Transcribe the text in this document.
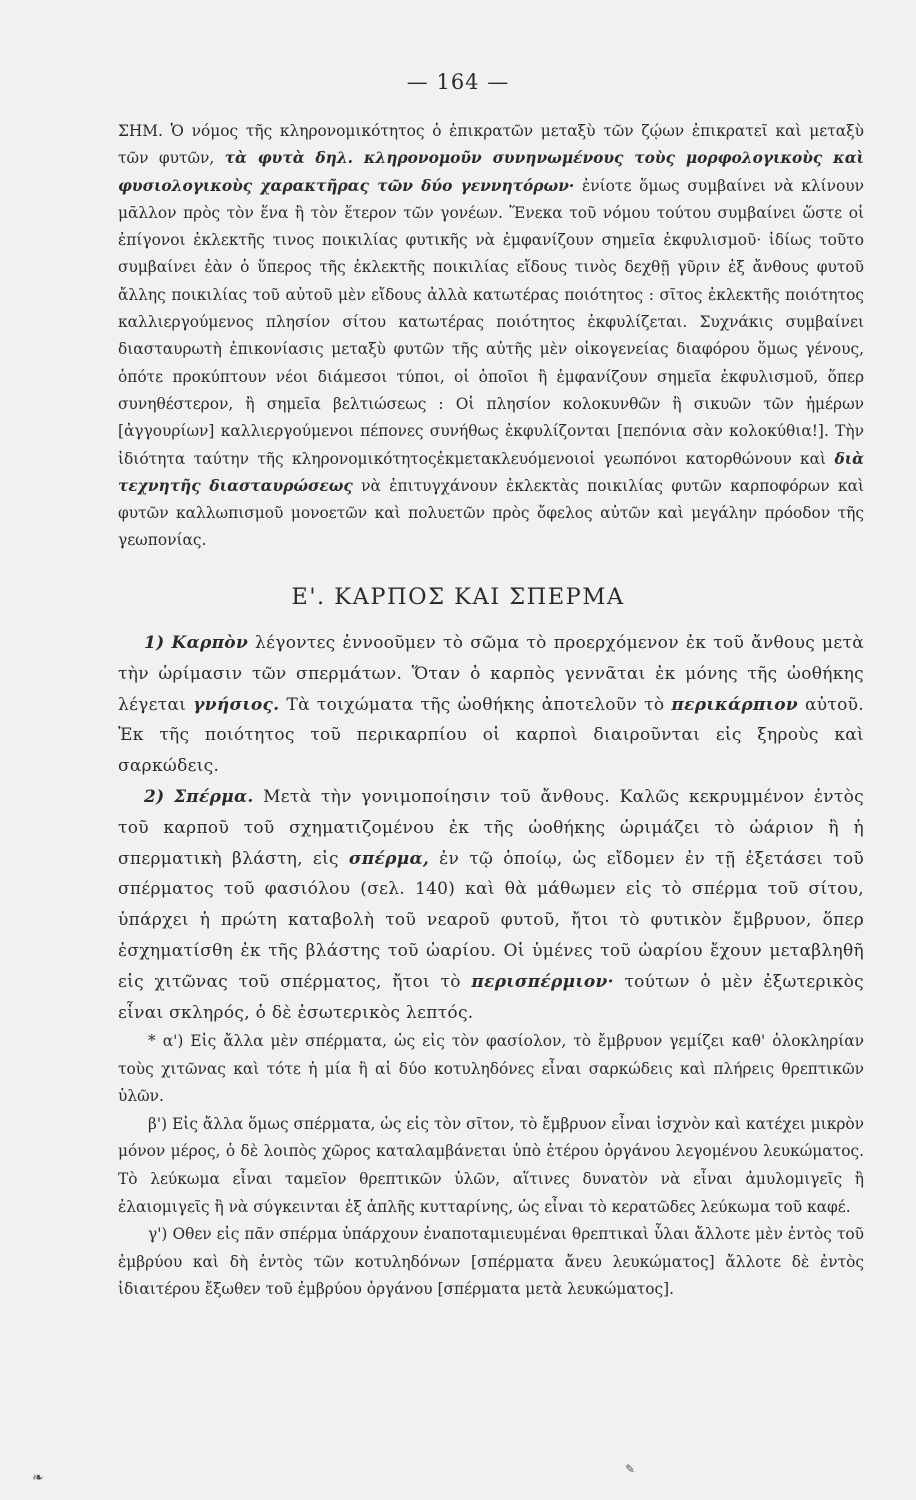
— 164 —

ΣΗΜ. Ὁ νόμος τῆς κληρονομικότητος ὁ ἐπικρατῶν μεταξὺ τῶν ζῴων ἐπικρατεῖ καὶ μεταξὺ τῶν φυτῶν, τὰ φυτὰ δηλ. κληρονομοῦν συνηνωμένους τοὺς μορφολογικοὺς καὶ φυσιολογικοὺς χαρακτῆρας τῶν δύο γεννητόρων· ἐνίοτε ὅμως συμβαίνει νὰ κλίνουν μᾶλλον πρὸς τὸν ἕνα ἢ τὸν ἕτερον τῶν γονέων. Ἕνεκα τοῦ νόμου τούτου συμβαίνει ὥστε οἱ ἐπίγονοι ἐκλεκτῆς τινος ποικιλίας φυτικῆς νὰ ἐμφανίζουν σημεῖα ἐκφυλισμοῦ· ἰδίως τοῦτο συμβαίνει ἐὰν ὁ ὕπερος τῆς ἐκλεκτῆς ποικιλίας εἴδους τινὸς δεχθῇ γῦριν ἐξ ἄνθους φυτοῦ ἄλλης ποικιλίας τοῦ αὐτοῦ μὲν εἴδους ἀλλὰ κατωτέρας ποιότητος : σῖτος ἐκλεκτῆς ποιότητος καλλιεργούμενος πλησίον σίτου κατωτέρας ποιότητος ἐκφυλίζεται. Συχνάκις συμβαίνει διασταυρωτὴ ἐπικονίασις μεταξὺ φυτῶν τῆς αὐτῆς μὲν οἰκογενείας διαφόρου ὅμως γένους, ὁπότε προκύπτουν νέοι διάμεσοι τύποι, οἱ ὁποῖοι ἢ ἐμφανίζουν σημεῖα ἐκφυλισμοῦ, ὅπερ συνηθέστερον, ἢ σημεῖα βελτιώσεως : Οἱ πλησίον κολοκυνθῶν ἢ σικυῶν τῶν ἡμέρων [ἀγγουρίων] καλλιεργούμενοι πέπονες συνήθως ἐκφυλίζονται [πεπόνια σὰν κολοκύθια!]. Τὴν ἰδιότητα ταύτην τῆς κληρονομικότητοςἐκμετακλευόμενοιοἱ γεωπόνοι κατορθώνουν καὶ διὰ τεχνητῆς διασταυρώσεως νὰ ἐπιτυγχάνουν ἐκλεκτὰς ποικιλίας φυτῶν καρποφόρων καὶ φυτῶν καλλωπισμοῦ μονοετῶν καὶ πολυετῶν πρὸς ὄφελος αὐτῶν καὶ μεγάλην πρόοδον τῆς γεωπονίας.

Ε'. ΚΑΡΠΟΣ ΚΑΙ ΣΠΕΡΜΑ

1) Καρπὸν λέγοντες ἐννοοῦμεν τὸ σῶμα τὸ προερχόμενον ἐκ τοῦ ἄνθους μετὰ τὴν ὡρίμασιν τῶν σπερμάτων. Ὅταν ὁ καρπὸς γεννᾶται ἐκ μόνης τῆς ὠοθήκης λέγεται γνήσιος. Τὰ τοιχώματα τῆς ὠοθήκης ἀποτελοῦν τὸ περικάρπιον αὐτοῦ. Ἐκ τῆς ποιότητος τοῦ περικαρπίου οἱ καρποὶ διαιροῦνται εἰς ξηροὺς καὶ σαρκώδεις.

2) Σπέρμα. Μετὰ τὴν γονιμοποίησιν τοῦ ἄνθους. Καλῶς κεκρυμμένον ἐντὸς τοῦ καρποῦ τοῦ σχηματιζομένου ἐκ τῆς ὠοθήκης ὡριμάζει τὸ ὠάριον ἢ ἡ σπερματικὴ βλάστη, εἰς σπέρμα, ἐν τῷ ὁποίῳ, ὡς εἴδομεν ἐν τῇ ἐξετάσει τοῦ σπέρματος τοῦ φασιόλου (σελ. 140) καὶ θὰ μάθωμεν εἰς τὸ σπέρμα τοῦ σίτου, ὑπάρχει ἡ πρώτη καταβολὴ τοῦ νεαροῦ φυτοῦ, ἤτοι τὸ φυτικὸν ἔμβρυον, ὅπερ ἐσχηματίσθη ἐκ τῆς βλάστης τοῦ ὠαρίου. Οἱ ὑμένες τοῦ ὠαρίου ἔχουν μεταβληθῆ εἰς χιτῶνας τοῦ σπέρματος, ἤτοι τὸ περισπέρμιον· τούτων ὁ μὲν ἐξωτερικὸς εἶναι σκληρός, ὁ δὲ ἐσωτερικὸς λεπτός.

* α') Εἰς ἄλλα μὲν σπέρματα, ὡς εἰς τὸν φασίολον, τὸ ἔμβρυον γεμίζει καθ' ὁλοκληρίαν τοὺς χιτῶνας καὶ τότε ἡ μία ἢ αἱ δύο κοτυληδόνες εἶναι σαρκώδεις καὶ πλήρεις θρεπτικῶν ὑλῶν.

β') Εἰς ἄλλα ὅμως σπέρματα, ὡς εἰς τὸν σῖτον, τὸ ἔμβρυον εἶναι ἰσχνὸν καὶ κατέχει μικρὸν μόνον μέρος, ὁ δὲ λοιπὸς χῶρος καταλαμβάνεται ὑπὸ ἑτέρου ὀργάνου λεγομένου λευκώματος. Τὸ λεύκωμα εἶναι ταμεῖον θρεπτικῶν ὑλῶν, αἵτινες δυνατὸν νὰ εἶναι ἀμυλομιγεῖς ἢ ἐλαιομιγεῖς ἢ νὰ σύγκεινται ἐξ ἁπλῆς κυτταρίνης, ὡς εἶναι τὸ κερατῶδες λεύκωμα τοῦ καφέ.

γ') Οθεν εἰς πᾶν σπέρμα ὑπάρχουν ἐναποταμιευμέναι θρεπτικαὶ ὗλαι ἄλλοτε μὲν ἐντὸς τοῦ ἐμβρύου καὶ δὴ ἐντὸς τῶν κοτυληδόνων [σπέρματα ἄνευ λευκώματος] ἄλλοτε δὲ ἐντὸς ἰδιαιτέρου ἔξωθεν τοῦ ἐμβρύου ὀργάνου [σπέρματα μετὰ λευκώματος].

❧
✎
